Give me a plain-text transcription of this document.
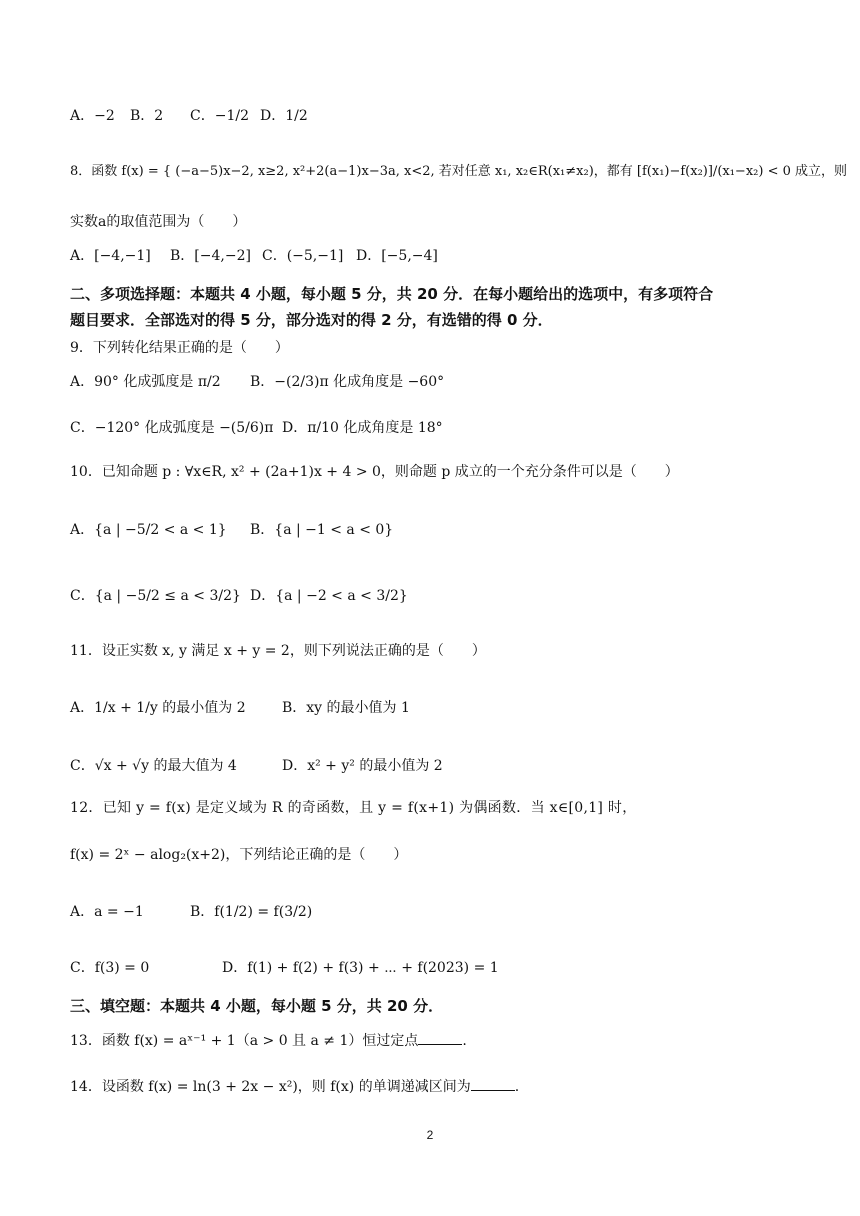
A．−2 B．2 C．−1/2 D．1/2
8．函数 f(x) = { (−a−5)x−2, x≥2, x²+2(a−1)x−3a, x<2, 若对任意 x₁, x₂∈R(x₁≠x₂)，都有 [f(x₁)−f(x₂)]/(x₁−x₂) < 0 成立，则
实数a的取值范围为（　　）
A．[−4,−1] B．[−4,−2] C．(−5,−1] D．[−5,−4]
二、多项选择题：本题共 4 小题，每小题 5 分，共 20 分．在每小题给出的选项中，有多项符合
题目要求．全部选对的得 5 分，部分选对的得 2 分，有选错的得 0 分．
9．下列转化结果正确的是（　　）
A．90° 化成弧度是 π/2 B．−(2/3)π 化成角度是 −60°
C．−120° 化成弧度是 −(5/6)π D．π/10 化成角度是 18°
10．已知命题 p : ∀x∈R, x² + (2a+1)x + 4 > 0，则命题 p 成立的一个充分条件可以是（　　）
A．{a | −5/2 < a < 1} B．{a | −1 < a < 0}
C．{a | −5/2 ≤ a < 3/2} D．{a | −2 < a < 3/2}
11．设正实数 x, y 满足 x + y = 2，则下列说法正确的是（　　）
A．1/x + 1/y 的最小值为 2	B．xy 的最小值为 1
C．√x + √y 的最大值为 4	D．x² + y² 的最小值为 2
12．已知 y = f(x) 是定义域为 R 的奇函数，且 y = f(x+1) 为偶函数．当 x∈[0,1] 时，
f(x) = 2ˣ − alog₂(x+2)，下列结论正确的是（　　）
A．a = −1	B．f(1/2) = f(3/2)
C．f(3) = 0	D．f(1) + f(2) + f(3) + ⋯ + f(2023) = 1
三、填空题：本题共 4 小题，每小题 5 分，共 20 分．
13．函数 f(x) = aˣ⁻¹ + 1（a > 0 且 a ≠ 1）恒过定点	.
14．设函数 f(x) = ln(3 + 2x − x²)，则 f(x) 的单调递减区间为	.
2
